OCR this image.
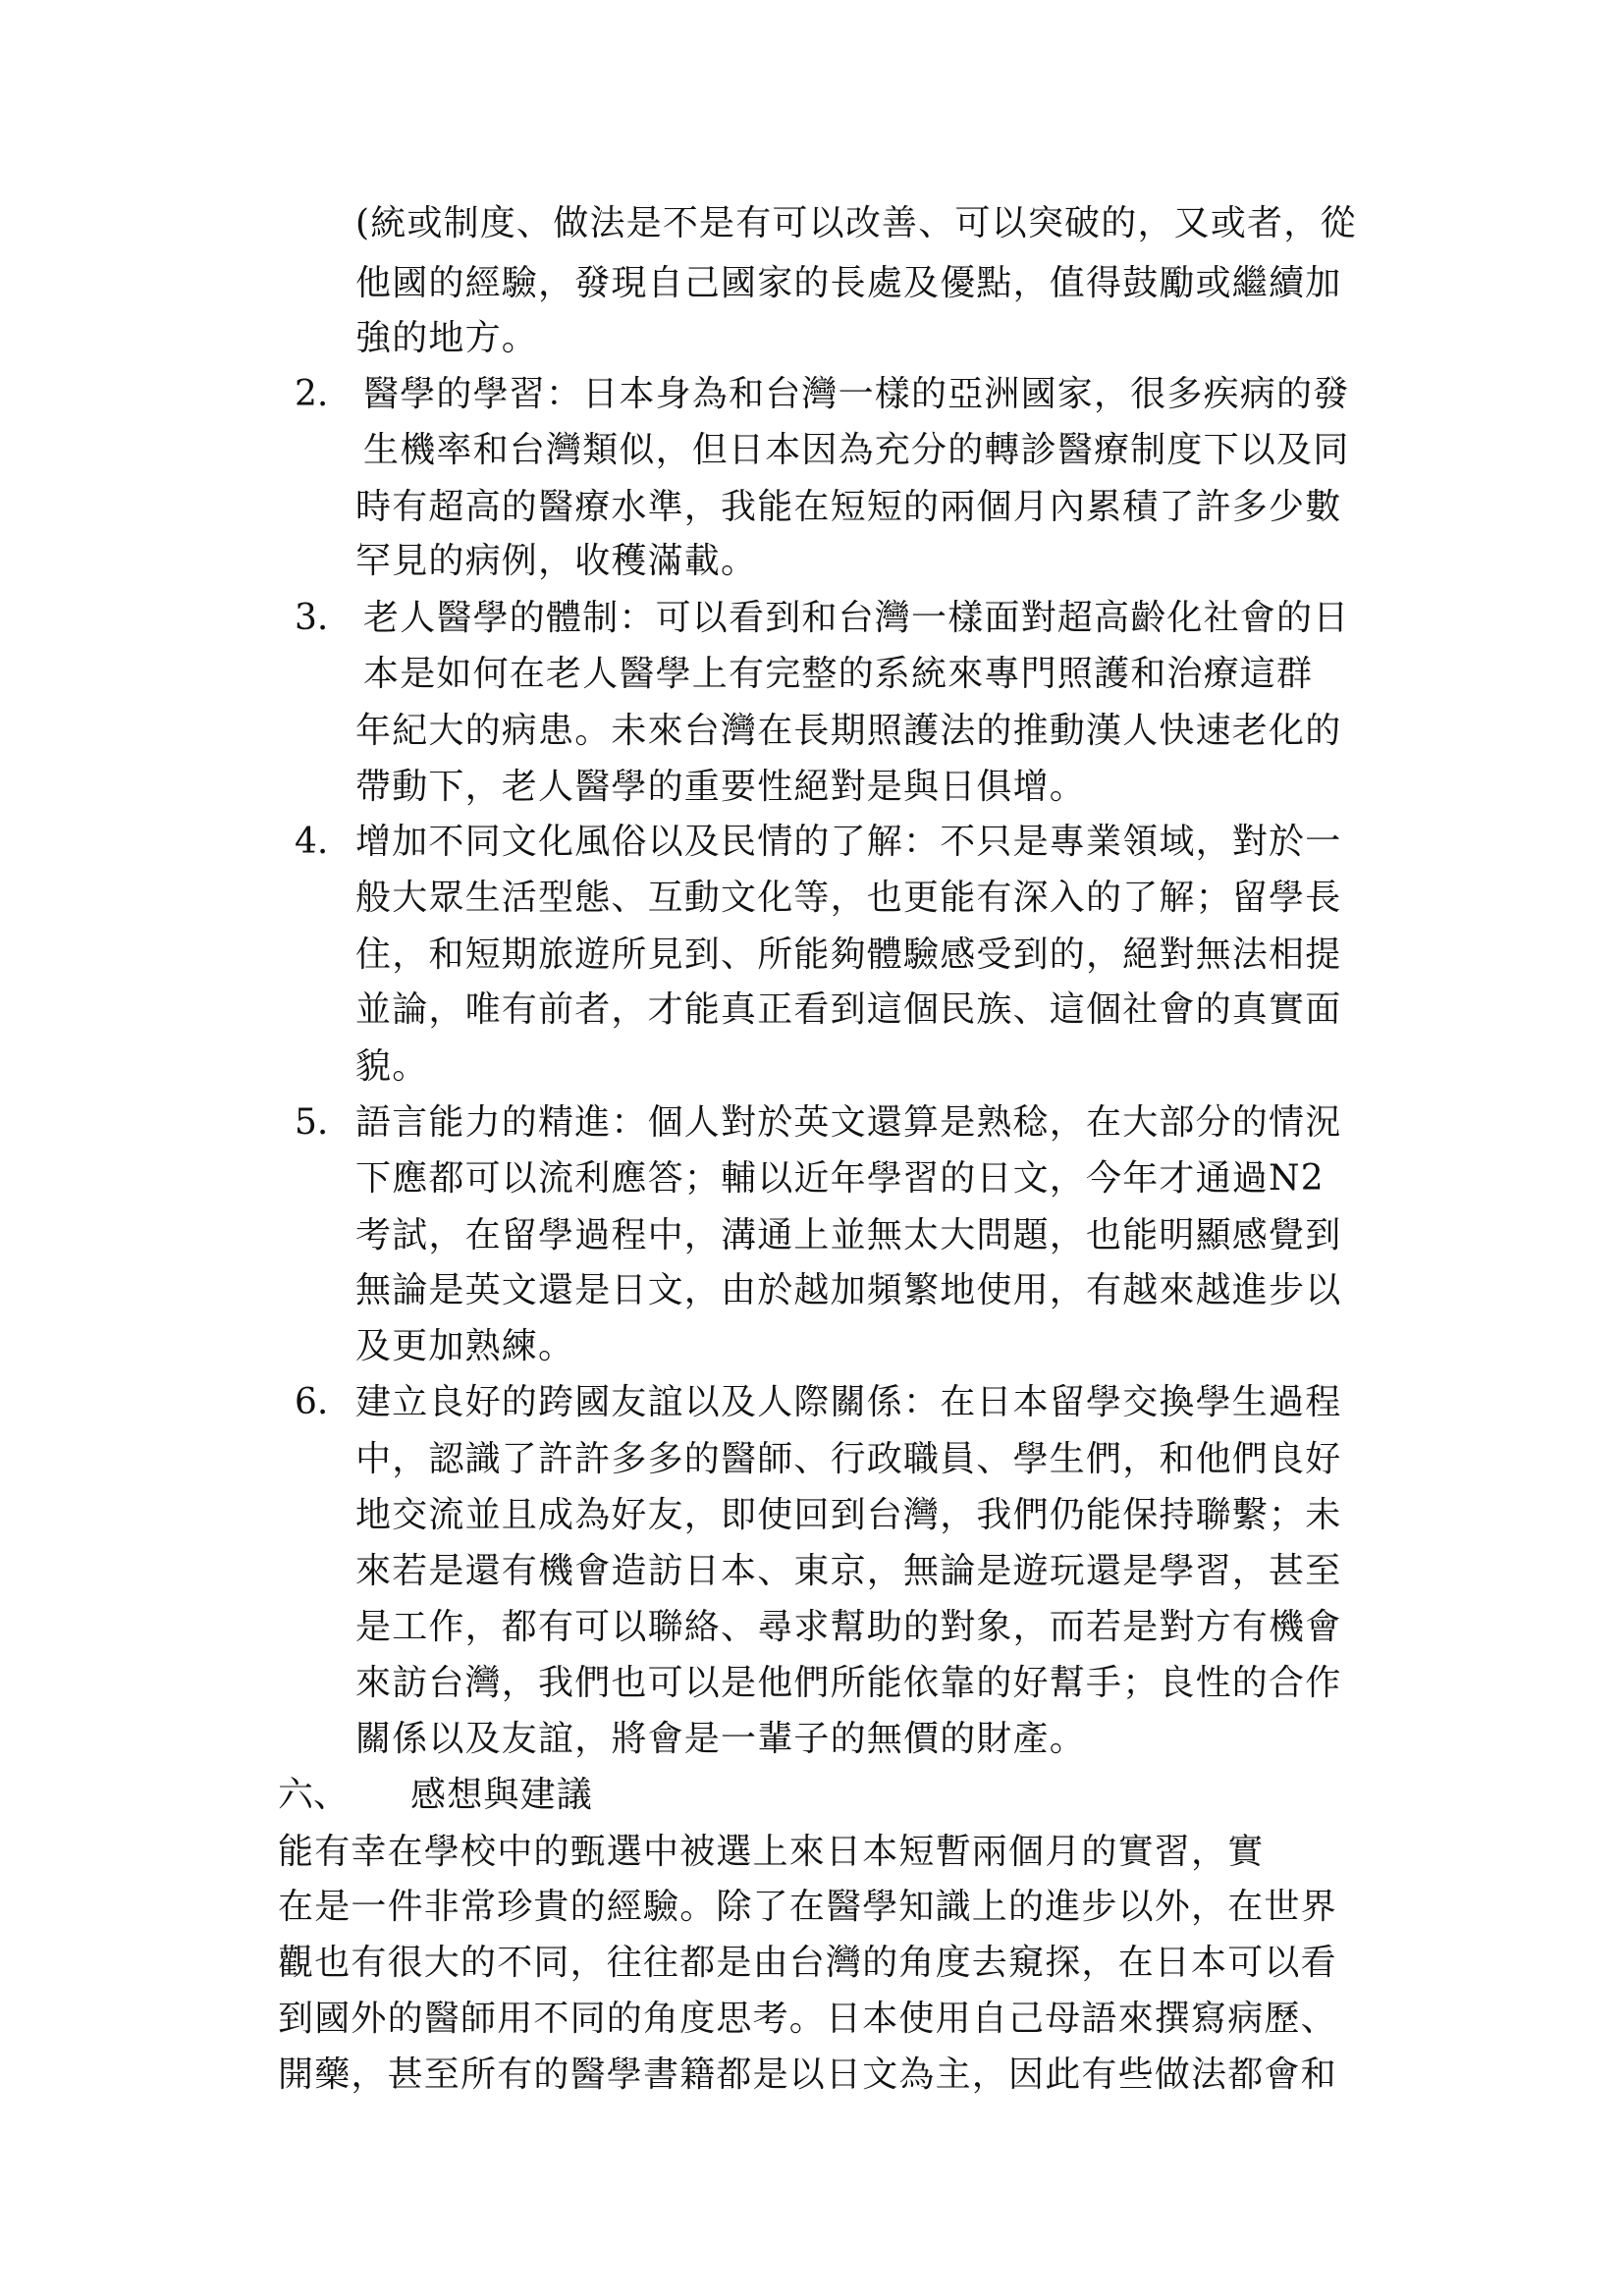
(統或制度、做法是不是有可以改善、可以突破的，又或者，從
他國的經驗，發現自己國家的長處及優點，值得鼓勵或繼續加
強的地方。
2. 醫學的學習：日本身為和台灣一樣的亞洲國家，很多疾病的發
生機率和台灣類似，但日本因為充分的轉診醫療制度下以及同
時有超高的醫療水準，我能在短短的兩個月內累積了許多少數
罕見的病例，收穫滿載。
3. 老人醫學的體制：可以看到和台灣一樣面對超高齡化社會的日
本是如何在老人醫學上有完整的系統來專門照護和治療這群
年紀大的病患。未來台灣在長期照護法的推動漢人快速老化的
帶動下，老人醫學的重要性絕對是與日俱增。
4. 增加不同文化風俗以及民情的了解：不只是專業領域，對於一
般大眾生活型態、互動文化等，也更能有深入的了解；留學長
住，和短期旅遊所見到、所能夠體驗感受到的，絕對無法相提
並論，唯有前者，才能真正看到這個民族、這個社會的真實面
貌。
5. 語言能力的精進：個人對於英文還算是熟稔，在大部分的情況
下應都可以流利應答；輔以近年學習的日文，今年才通過N2
考試，在留學過程中，溝通上並無太大問題，也能明顯感覺到
無論是英文還是日文，由於越加頻繁地使用，有越來越進步以
及更加熟練。
6. 建立良好的跨國友誼以及人際關係：在日本留學交換學生過程
中，認識了許許多多的醫師、行政職員、學生們，和他們良好
地交流並且成為好友，即使回到台灣，我們仍能保持聯繫；未
來若是還有機會造訪日本、東京，無論是遊玩還是學習，甚至
是工作，都有可以聯絡、尋求幫助的對象，而若是對方有機會
來訪台灣，我們也可以是他們所能依靠的好幫手；良性的合作
關係以及友誼，將會是一輩子的無價的財產。
六、 感想與建議
能有幸在學校中的甄選中被選上來日本短暫兩個月的實習，實
在是一件非常珍貴的經驗。除了在醫學知識上的進步以外，在世界
觀也有很大的不同，往往都是由台灣的角度去窺探，在日本可以看
到國外的醫師用不同的角度思考。日本使用自己母語來撰寫病歷、
開藥，甚至所有的醫學書籍都是以日文為主，因此有些做法都會和
